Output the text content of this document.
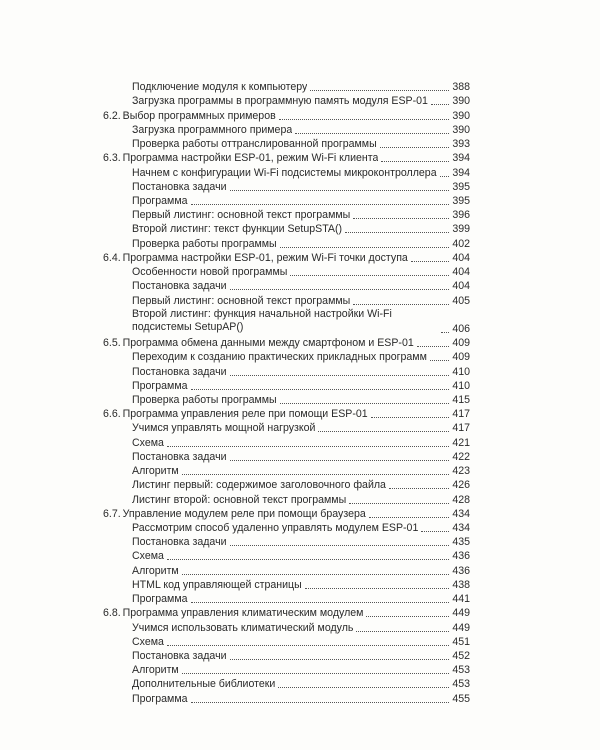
Подключение модуля к компьютеру	388
Загрузка программы в программную память модуля ESP-01 390
6.2. Выбор программных примеров	390
Загрузка программного примера	390
Проверка работы оттранслированной программы	393
6.3. Программа настройки ESP-01, режим Wi-Fi клиента	394
Начнем с конфигурации Wi-Fi подсистемы микроконтроллера 394
Постановка задачи	395
Программа	395
Первый листинг: основной текст программы	396
Второй листинг: текст функции SetupSTA()	399
Проверка работы программы	402
6.4. Программа настройки ESP-01, режим Wi-Fi точки доступа	404
Особенности новой программы	404
Постановка задачи	404
Первый листинг: основной текст программы	405
Второй листинг: функция начальной настройки Wi-Fi подсистемы SetupAP()	406
6.5. Программа обмена данными между смартфоном и ESP-01	409
Переходим к созданию практических прикладных программ 409
Постановка задачи	410
Программа	410
Проверка работы программы	415
6.6. Программа управления реле при помощи ESP-01	417
Учимся управлять мощной нагрузкой	417
Схема	421
Постановка задачи	422
Алгоритм	423
Листинг первый: содержимое заголовочного файла	426
Листинг второй: основной текст программы	428
6.7. Управление модулем реле при помощи браузера	434
Рассмотрим способ удаленно управлять модулем ESP-01	434
Постановка задачи	435
Схема	436
Алгоритм	436
HTML код управляющей страницы	438
Программа	441
6.8. Программа управления климатическим модулем	449
Учимся использовать климатический модуль	449
Схема	451
Постановка задачи	452
Алгоритм	453
Дополнительные библиотеки	453
Программа	455
